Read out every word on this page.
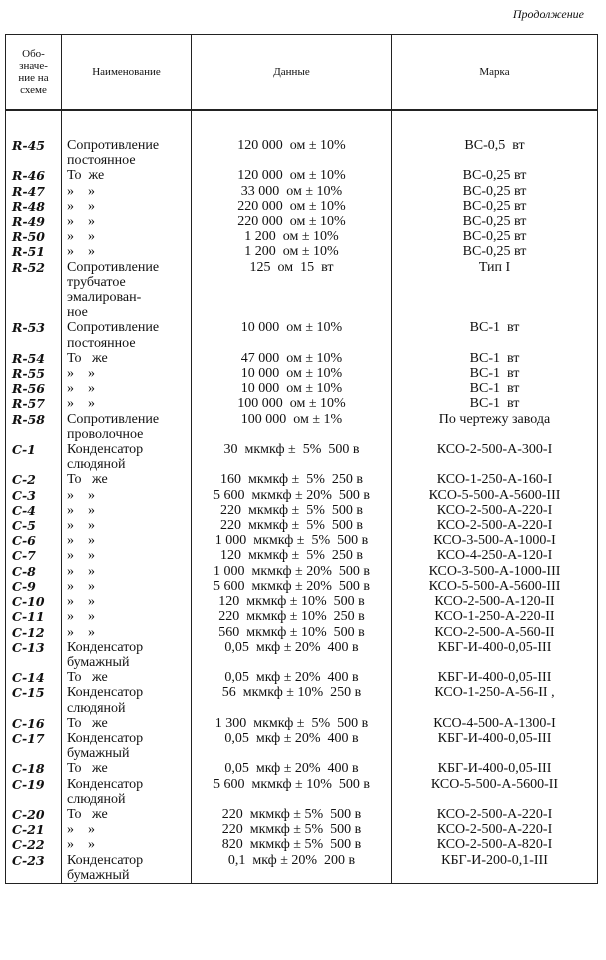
Продолжение
Обо-
значе-
ние на
схеме	Наименование	Данные	Марка

R-45	Сопротивление
постоянное	120 000  ом ± 10%	ВС-0,5  вт
R-46	То  же	120 000  ом ± 10%	ВС-0,25 вт
R-47	»    »	33 000  ом ± 10%	ВС-0,25 вт
R-48	»    »	220 000  ом ± 10%	ВС-0,25 вт
R-49	»    »	220 000  ом ± 10%	ВС-0,25 вт
R-50	»    »	1 200  ом ± 10%	ВС-0,25 вт
R-51	»    »	1 200  ом ± 10%	ВС-0,25 вт
R-52	Сопротивление
трубчатое
эмалирован-
ное	125  ом  15  вт	Тип I
R-53	Сопротивление
постоянное	10 000  ом ± 10%	ВС-1  вт
R-54	То   же	47 000  ом ± 10%	ВС-1  вт
R-55	»    »	10 000  ом ± 10%	ВС-1  вт
R-56	»    »	10 000  ом ± 10%	ВС-1  вт
R-57	»    »	100 000  ом ± 10%	ВС-1  вт
R-58	Сопротивление
проволочное	100 000  ом ± 1%	По чертежу завода
С-1	Конденсатор
слюдяной	30  мкмкф ±  5%  500 в	КСО-2-500-А-300-I
С-2	То   же	160  мкмкф ±  5%  250 в	КСО-1-250-А-160-I
С-3	»    »	5 600  мкмкф ± 20%  500 в	КСО-5-500-А-5600-III
С-4	»    »	220  мкмкф ±  5%  500 в	КСО-2-500-А-220-I
С-5	»    »	220  мкмкф ±  5%  500 в	КСО-2-500-А-220-I
С-6	»    »	1 000  мкмкф ±  5%  500 в	КСО-3-500-А-1000-I
С-7	»    »	120  мкмкф ±  5%  250 в	КСО-4-250-А-120-I
С-8	»    »	1 000  мкмкф ± 20%  500 в	КСО-3-500-А-1000-III
С-9	»    »	5 600  мкмкф ± 20%  500 в	КСО-5-500-А-5600-III
С-10	»    »	120  мкмкф ± 10%  500 в	КСО-2-500-А-120-II
С-11	»    »	220  мкмкф ± 10%  250 в	КСО-1-250-А-220-II
С-12	»    »	560  мкмкф ± 10%  500 в	КСО-2-500-А-560-II
С-13	Конденсатор
бумажный	0,05  мкф ± 20%  400 в	КБГ-И-400-0,05-III
С-14	То   же	0,05  мкф ± 20%  400 в	КБГ-И-400-0,05-III
С-15	Конденсатор
слюдяной	56  мкмкф ± 10%  250 в	КСО-1-250-А-56-II ,
С-16	То   же	1 300  мкмкф ±  5%  500 в	КСО-4-500-А-1300-I
С-17	Конденсатор
бумажный	0,05  мкф ± 20%  400 в	КБГ-И-400-0,05-III
С-18	То   же	0,05  мкф ± 20%  400 в	КБГ-И-400-0,05-III
С-19	Конденсатор
слюдяной	5 600  мкмкф ± 10%  500 в	КСО-5-500-А-5600-II
С-20	То   же	220  мкмкф ± 5%  500 в	КСО-2-500-А-220-I
С-21	»    »	220  мкмкф ± 5%  500 в	КСО-2-500-А-220-I
С-22	»    »	820  мкмкф ± 5%  500 в	КСО-2-500-А-820-I
С-23	Конденсатор
бумажный	0,1  мкф ± 20%  200 в	КБГ-И-200-0,1-III
